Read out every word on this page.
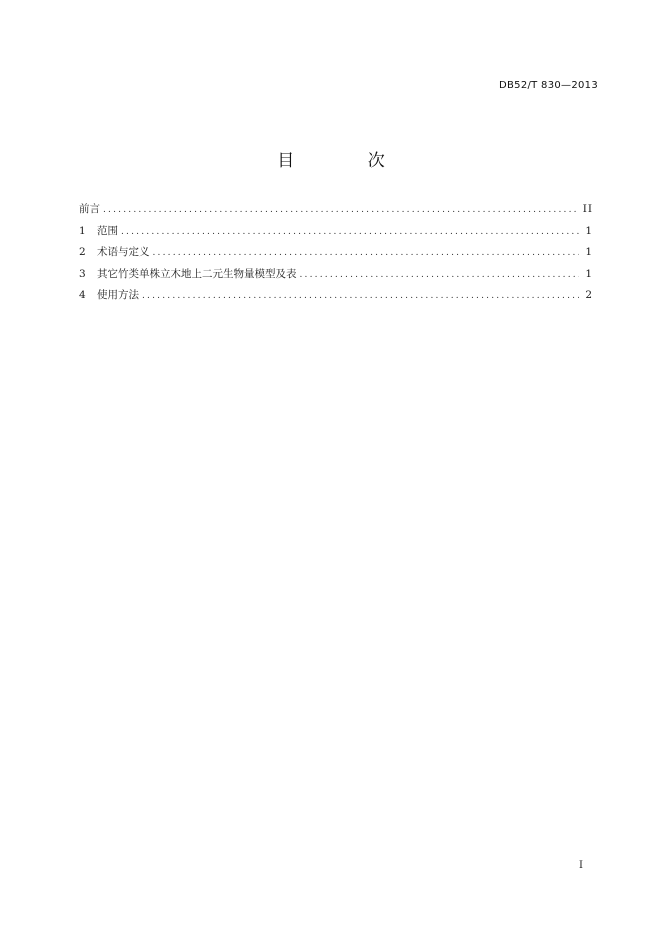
DB52/T 830—2013
目 次
前言 .....	II
1	范围 .....	1
2	术语与定义 .....	1
3	其它竹类单株立木地上二元生物量模型及表 .....	1
4	使用方法 .....	2
I
